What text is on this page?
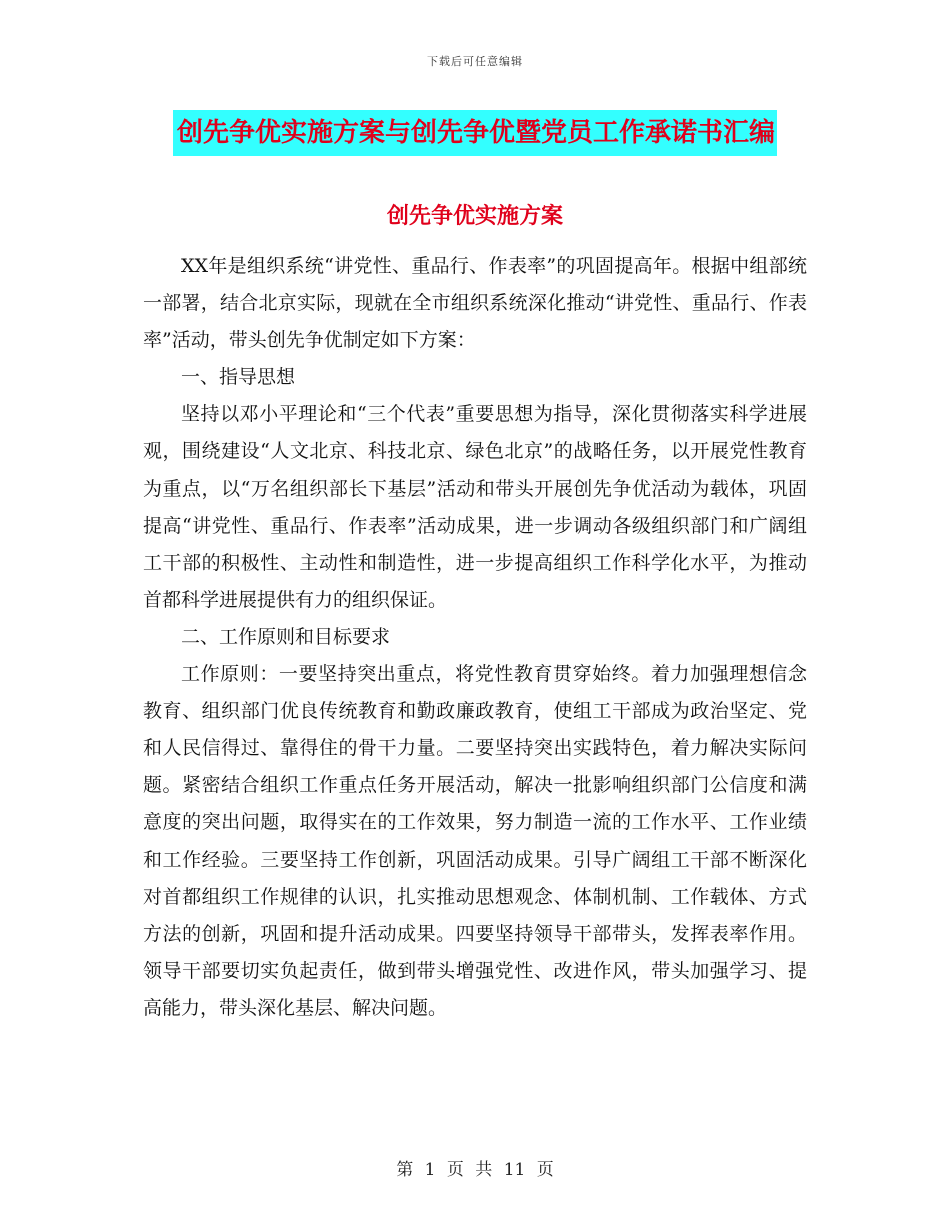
下载后可任意编辑
创先争优实施方案与创先争优暨党员工作承诺书汇编
创先争优实施方案

XX年是组织系统“讲党性、重品行、作表率”的巩固提高年。根据中组部统一部署，结合北京实际，现就在全市组织系统深化推动“讲党性、重品行、作表率”活动，带头创先争优制定如下方案：

一、指导思想

坚持以邓小平理论和“三个代表”重要思想为指导，深化贯彻落实科学进展观，围绕建设“人文北京、科技北京、绿色北京”的战略任务，以开展党性教育为重点，以“万名组织部长下基层”活动和带头开展创先争优活动为载体，巩固提高“讲党性、重品行、作表率”活动成果，进一步调动各级组织部门和广阔组工干部的积极性、主动性和制造性，进一步提高组织工作科学化水平，为推动首都科学进展提供有力的组织保证。

二、工作原则和目标要求

工作原则：一要坚持突出重点，将党性教育贯穿始终。着力加强理想信念教育、组织部门优良传统教育和勤政廉政教育，使组工干部成为政治坚定、党和人民信得过、靠得住的骨干力量。二要坚持突出实践特色，着力解决实际问题。紧密结合组织工作重点任务开展活动，解决一批影响组织部门公信度和满意度的突出问题，取得实在的工作效果，努力制造一流的工作水平、工作业绩和工作经验。三要坚持工作创新，巩固活动成果。引导广阔组工干部不断深化对首都组织工作规律的认识，扎实推动思想观念、体制机制、工作载体、方式方法的创新，巩固和提升活动成果。四要坚持领导干部带头，发挥表率作用。领导干部要切实负起责任，做到带头增强党性、改进作风，带头加强学习、提高能力，带头深化基层、解决问题。

第 1 页 共 11 页
